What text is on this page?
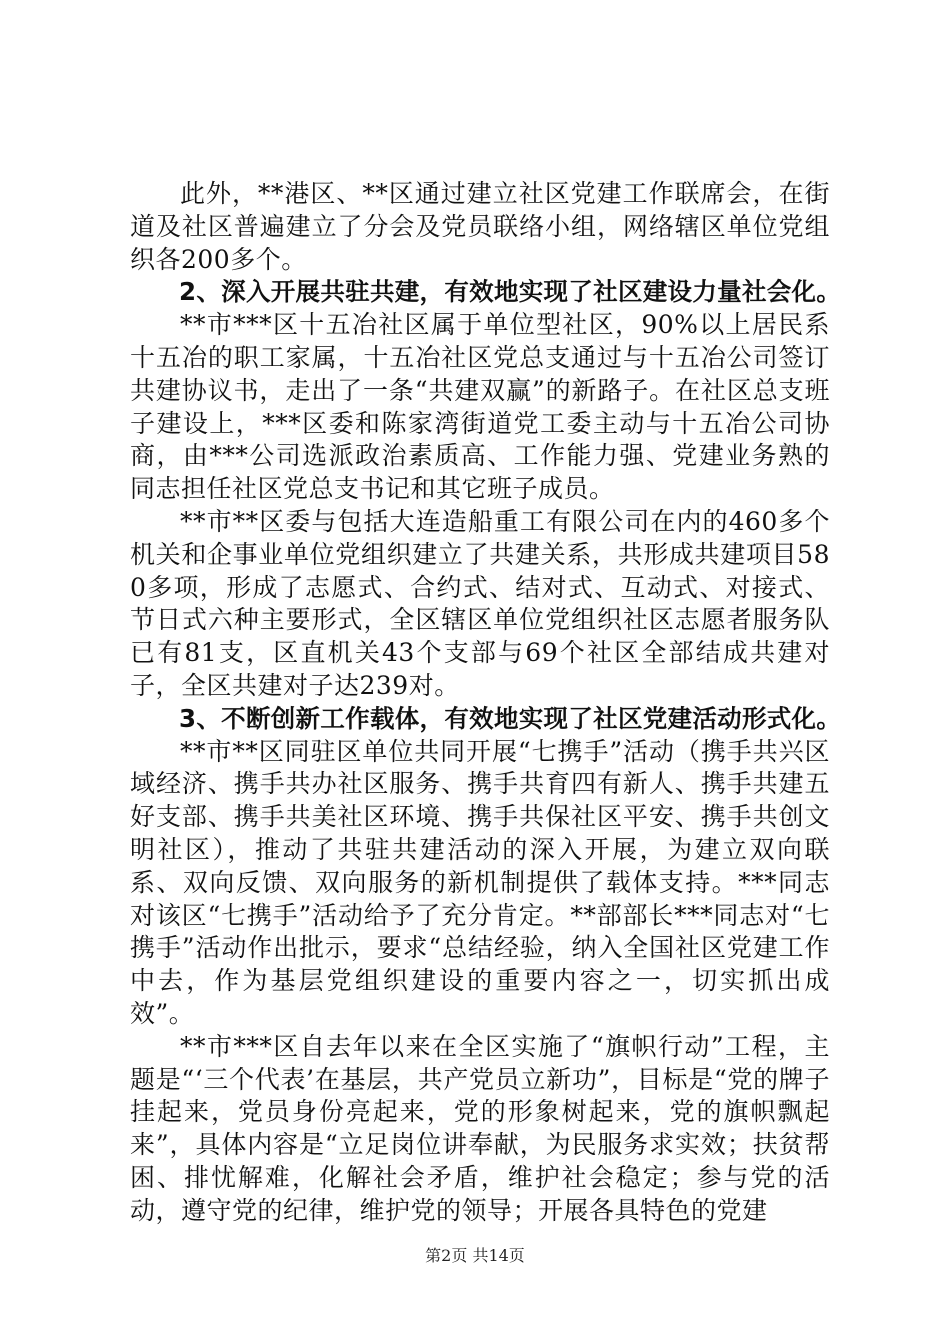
此外，**港区、**区通过建立社区党建工作联席会，在街道及社区普遍建立了分会及党员联络小组，网络辖区单位党组织各200多个。

2、深入开展共驻共建，有效地实现了社区建设力量社会化。

**市***区十五冶社区属于单位型社区，90%以上居民系十五冶的职工家属，十五冶社区党总支通过与十五冶公司签订共建协议书，走出了一条“共建双赢”的新路子。在社区总支班子建设上，***区委和陈家湾街道党工委主动与十五冶公司协商，由***公司选派政治素质高、工作能力强、党建业务熟的同志担任社区党总支书记和其它班子成员。

**市**区委与包括大连造船重工有限公司在内的460多个机关和企事业单位党组织建立了共建关系，共形成共建项目580多项，形成了志愿式、合约式、结对式、互动式、对接式、节日式六种主要形式，全区辖区单位党组织社区志愿者服务队已有81支，区直机关43个支部与69个社区全部结成共建对子，全区共建对子达239对。

3、不断创新工作载体，有效地实现了社区党建活动形式化。

**市**区同驻区单位共同开展“七携手”活动（携手共兴区域经济、携手共办社区服务、携手共育四有新人、携手共建五好支部、携手共美社区环境、携手共保社区平安、携手共创文明社区），推动了共驻共建活动的深入开展，为建立双向联系、双向反馈、双向服务的新机制提供了载体支持。***同志对该区“七携手”活动给予了充分肯定。**部部长***同志对“七携手”活动作出批示，要求“总结经验，纳入全国社区党建工作中去，作为基层党组织建设的重要内容之一，切实抓出成效”。

**市***区自去年以来在全区实施了“旗帜行动”工程，主题是“‘三个代表’在基层，共产党员立新功”，目标是“党的牌子挂起来，党员身份亮起来，党的形象树起来，党的旗帜飘起来”，具体内容是“立足岗位讲奉献，为民服务求实效；扶贫帮困、排忧解难，化解社会矛盾，维护社会稳定；参与党的活动，遵守党的纪律，维护党的领导；开展各具特色的党建

第2页 共14页
